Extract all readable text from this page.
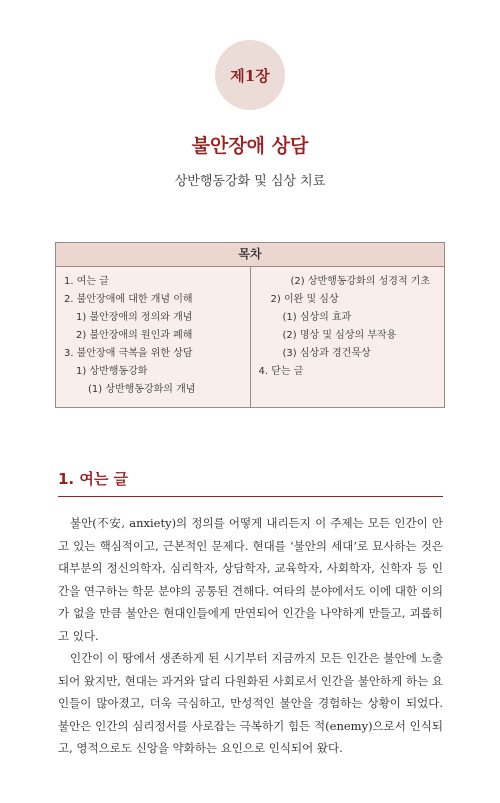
제1장
불안장애 상담
상반행동강화 및 심상 치료
목차
1. 여는 글
2. 불안장애에 대한 개념 이해
1) 불안장애의 정의와 개념
2) 불안장애의 원인과 폐해
3. 불안장애 극복을 위한 상담
1) 상반행동강화
(1) 상반행동강화의 개념
(2) 상반행동강화의 성경적 기초
2) 이완 및 심상
(1) 심상의 효과
(2) 명상 및 심상의 부작용
(3) 심상과 경건묵상
4. 닫는 글
1. 여는 글

불안(不安, anxiety)의 정의를 어떻게 내리든지 이 주제는 모든 인간이 안고 있는 핵심적이고, 근본적인 문제다. 현대를 ‘불안의 세대’로 묘사하는 것은 대부분의 정신의학자, 심리학자, 상담학자, 교육학자, 사회학자, 신학자 등 인간을 연구하는 학문 분야의 공통된 견해다. 여타의 분야에서도 이에 대한 이의가 없을 만큼 불안은 현대인들에게 만연되어 인간을 나약하게 만들고, 괴롭히고 있다.

인간이 이 땅에서 생존하게 된 시기부터 지금까지 모든 인간은 불안에 노출되어 왔지만, 현대는 과거와 달리 다원화된 사회로서 인간을 불안하게 하는 요인들이 많아졌고, 더욱 극심하고, 만성적인 불안을 경험하는 상황이 되었다. 불안은 인간의 심리정서를 사로잡는 극복하기 힘든 적(enemy)으로서 인식되고, 영적으로도 신앙을 약화하는 요인으로 인식되어 왔다.
